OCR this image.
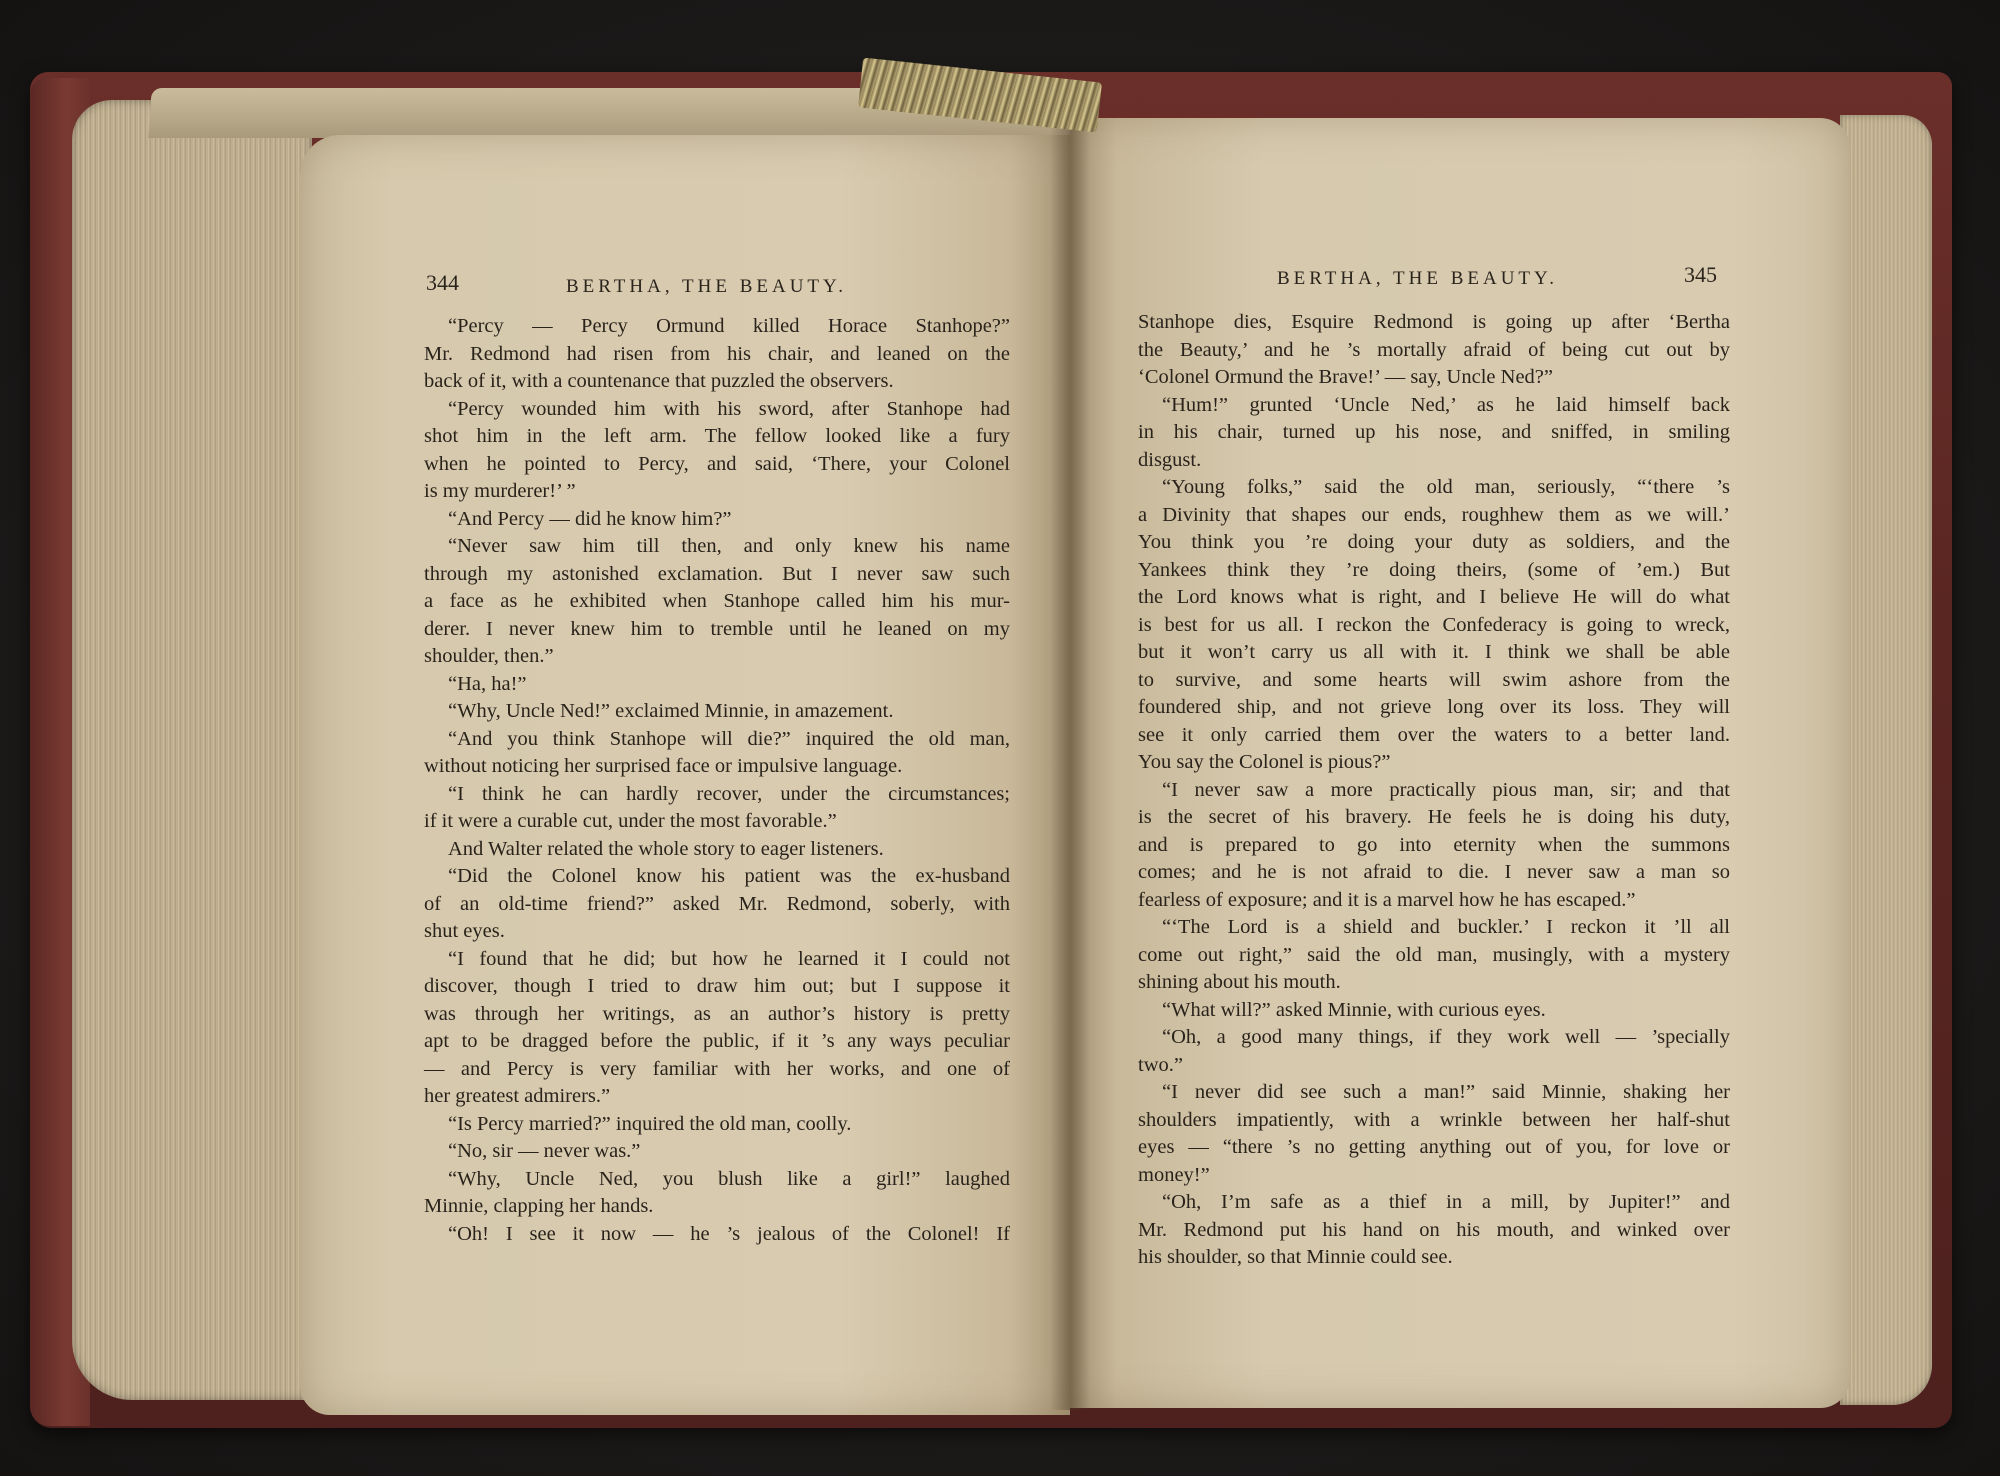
344	BERTHA, THE BEAUTY.	BERTHA, THE BEAUTY.	345
“Percy — Percy Ormund killed Horace Stanhope?”
Mr. Redmond had risen from his chair, and leaned on the
back of it, with a countenance that puzzled the observers.
“Percy wounded him with his sword, after Stanhope had
shot him in the left arm. The fellow looked like a fury
when he pointed to Percy, and said, ‘There, your Colonel
is my murderer!’ ”
“And Percy — did he know him?”
“Never saw him till then, and only knew his name
through my astonished exclamation. But I never saw such
a face as he exhibited when Stanhope called him his mur-
derer. I never knew him to tremble until he leaned on my
shoulder, then.”
“Ha, ha!”
“Why, Uncle Ned!” exclaimed Minnie, in amazement.
“And you think Stanhope will die?” inquired the old man,
without noticing her surprised face or impulsive language.
“I think he can hardly recover, under the circumstances;
if it were a curable cut, under the most favorable.”
And Walter related the whole story to eager listeners.
“Did the Colonel know his patient was the ex-husband
of an old-time friend?” asked Mr. Redmond, soberly, with
shut eyes.
“I found that he did; but how he learned it I could not
discover, though I tried to draw him out; but I suppose it
was through her writings, as an author’s history is pretty
apt to be dragged before the public, if it ’s any ways peculiar
— and Percy is very familiar with her works, and one of
her greatest admirers.”
“Is Percy married?” inquired the old man, coolly.
“No, sir — never was.”
“Why, Uncle Ned, you blush like a girl!” laughed
Minnie, clapping her hands.
“Oh! I see it now — he ’s jealous of the Colonel! If
Stanhope dies, Esquire Redmond is going up after ‘Bertha
the Beauty,’ and he ’s mortally afraid of being cut out by
‘Colonel Ormund the Brave!’ — say, Uncle Ned?”
“Hum!” grunted ‘Uncle Ned,’ as he laid himself back
in his chair, turned up his nose, and sniffed, in smiling
disgust.
“Young folks,” said the old man, seriously, “‘there ’s
a Divinity that shapes our ends, roughhew them as we will.’
You think you ’re doing your duty as soldiers, and the
Yankees think they ’re doing theirs, (some of ’em.) But
the Lord knows what is right, and I believe He will do what
is best for us all. I reckon the Confederacy is going to wreck,
but it won’t carry us all with it. I think we shall be able
to survive, and some hearts will swim ashore from the
foundered ship, and not grieve long over its loss. They will
see it only carried them over the waters to a better land.
You say the Colonel is pious?”
“I never saw a more practically pious man, sir; and that
is the secret of his bravery. He feels he is doing his duty,
and is prepared to go into eternity when the summons
comes; and he is not afraid to die. I never saw a man so
fearless of exposure; and it is a marvel how he has escaped.”
“‘The Lord is a shield and buckler.’ I reckon it ’ll all
come out right,” said the old man, musingly, with a mystery
shining about his mouth.
“What will?” asked Minnie, with curious eyes.
“Oh, a good many things, if they work well — ’specially
two.”
“I never did see such a man!” said Minnie, shaking her
shoulders impatiently, with a wrinkle between her half-shut
eyes — “there ’s no getting anything out of you, for love or
money!”
“Oh, I’m safe as a thief in a mill, by Jupiter!” and
Mr. Redmond put his hand on his mouth, and winked over
his shoulder, so that Minnie could see.
